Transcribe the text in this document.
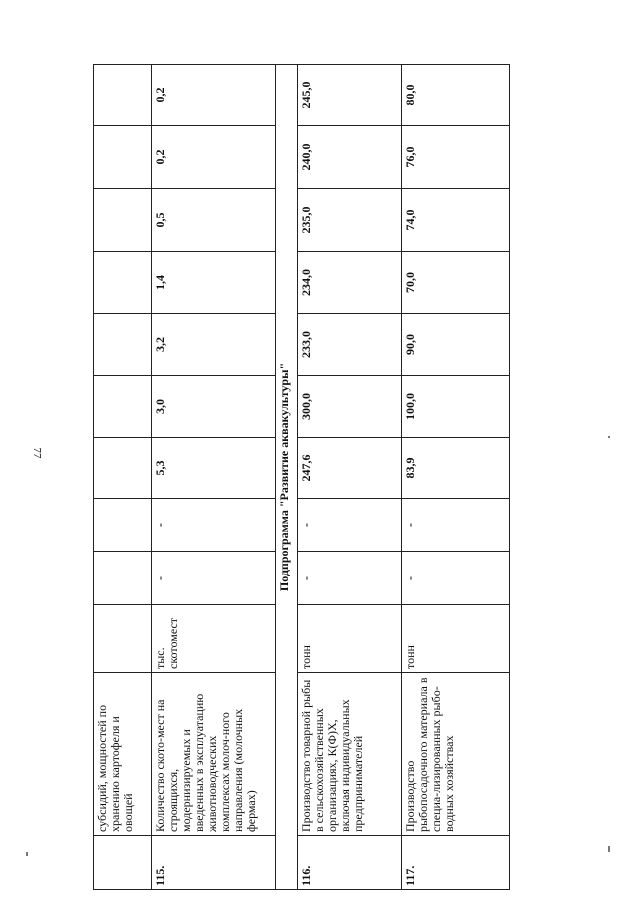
77
	субсидий, мощностей по хранению картофеля и овощей										
115.	Количество ското-мест на строящихся, модернизируемых и введенных в эксплуатацию животноводческих комплексах молоч-ного направления (молочных фермах)	тыс. скотомест	-	-	5,3	3,0	3,2	1,4	0,5	0,2	0,2
Подпрограмма "Развитие аквакультуры"											
116.	Производство товарной рыбы в сельскохозяйственных организациях, К(Ф)Х, включая индивидуальных предпринимателей	тонн	-	-	247,6	300,0	233,0	234,0	235,0	240,0	245,0
117.	Производство рыбопосадочного материала в специа-лизированных рыбо-водных хозяйствах	тонн	-	-	83,9	100,0	90,0	70,0	74,0	76,0	80,0
